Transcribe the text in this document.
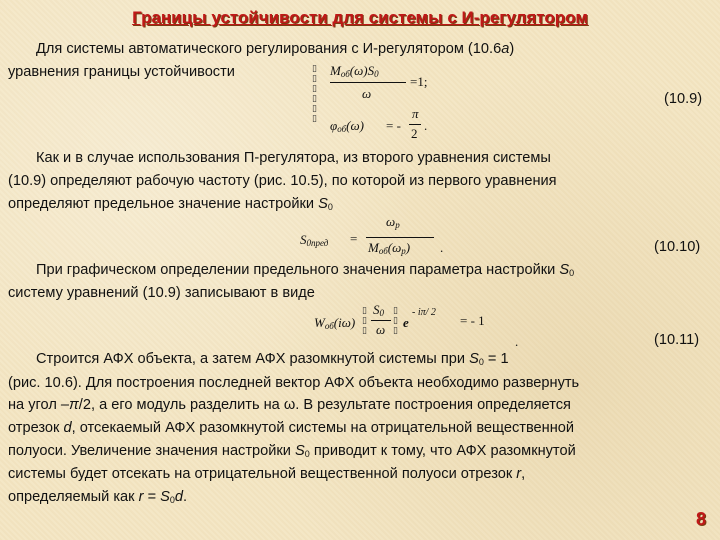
Границы устойчивости для системы с И-регулятором
Для системы автоматического регулирования с И-регулятором (10.6а)
уравнения границы устойчивости	▯
▯
▯
▯
▯
▯
$M_{об}(\omega)S_0$
ω
=1;
$\varphi_{об}(\omega)$ = -
π
2
.
(10.9)
Как и в случае использования П-регулятора, из второго уравнения системы
(10.9) определяют рабочую частоту (рис. 10.5), по которой из первого уравнения
определяют предельное значение настройки $S_0$
$S_{0пред}$ =
$\omega_р$
$M_{об}(\omega_р)$ .	(10.10)
При графическом определении предельного значения параметра настройки $S_0$
систему уравнений (10.9) записывают в виде
$W_{об}(i\omega)$
▯
▯
▯
$S_0$
ω
▯
▯
▯
e
- iπ/ 2
= - 1
.	(10.11)
Строится АФХ объекта, а затем АФХ разомкнутой системы при $S_0 = 1$
(рис. 10.6). Для построения последней вектор АФХ объекта необходимо развернуть
на угол –π/2, а его модуль разделить на ω. В результате построения определяется
отрезок d, отсекаемый АФХ разомкнутой системы на отрицательной вещественной
полуоси. Увеличение значения настройки $S_0$ приводит к тому, что АФХ разомкнутой
системы будет отсекать на отрицательной вещественной полуоси отрезок r,
определяемый как $r = S_0d$.
8
